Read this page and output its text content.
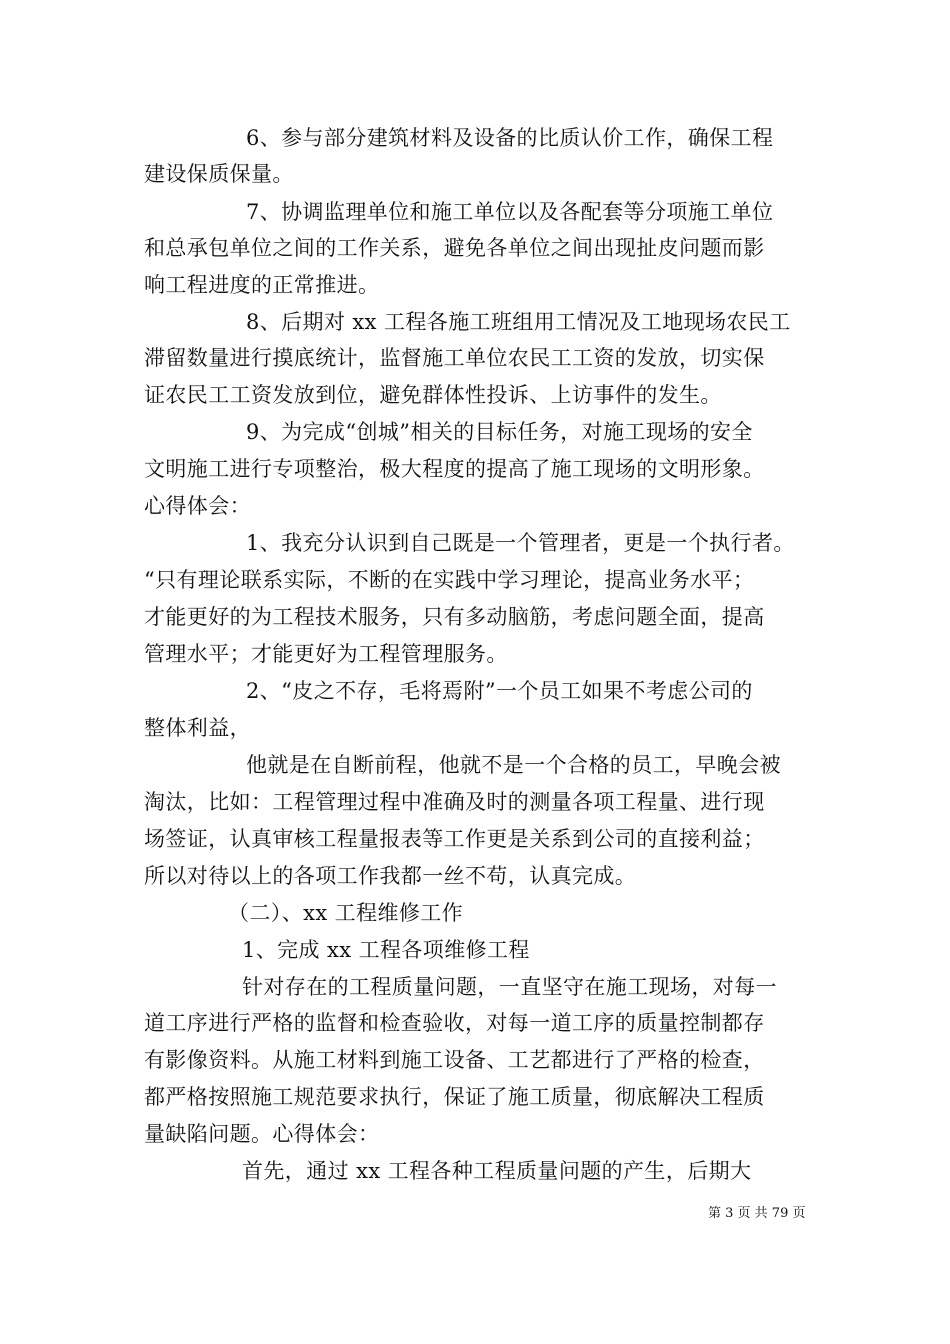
6、参与部分建筑材料及设备的比质认价工作，确保工程
建设保质保量。
7、协调监理单位和施工单位以及各配套等分项施工单位
和总承包单位之间的工作关系，避免各单位之间出现扯皮问题而影
响工程进度的正常推进。
8、后期对 xx 工程各施工班组用工情况及工地现场农民工
滞留数量进行摸底统计，监督施工单位农民工工资的发放，切实保
证农民工工资发放到位，避免群体性投诉、上访事件的发生。
9、为完成“创城”相关的目标任务，对施工现场的安全
文明施工进行专项整治，极大程度的提高了施工现场的文明形象。
心得体会：
1、我充分认识到自己既是一个管理者，更是一个执行者。
“只有理论联系实际，不断的在实践中学习理论，提高业务水平；
才能更好的为工程技术服务，只有多动脑筋，考虑问题全面，提高
管理水平；才能更好为工程管理服务。
2、“皮之不存，毛将焉附”一个员工如果不考虑公司的
整体利益，
他就是在自断前程，他就不是一个合格的员工，早晚会被
淘汰，比如：工程管理过程中准确及时的测量各项工程量、进行现
场签证，认真审核工程量报表等工作更是关系到公司的直接利益；
所以对待以上的各项工作我都一丝不苟，认真完成。
（二）、xx 工程维修工作
1、完成 xx 工程各项维修工程
针对存在的工程质量问题，一直坚守在施工现场，对每一
道工序进行严格的监督和检查验收，对每一道工序的质量控制都存
有影像资料。从施工材料到施工设备、工艺都进行了严格的检查，
都严格按照施工规范要求执行，保证了施工质量，彻底解决工程质
量缺陷问题。心得体会：
首先，通过 xx 工程各种工程质量问题的产生，后期大
第 3 页 共 79 页
